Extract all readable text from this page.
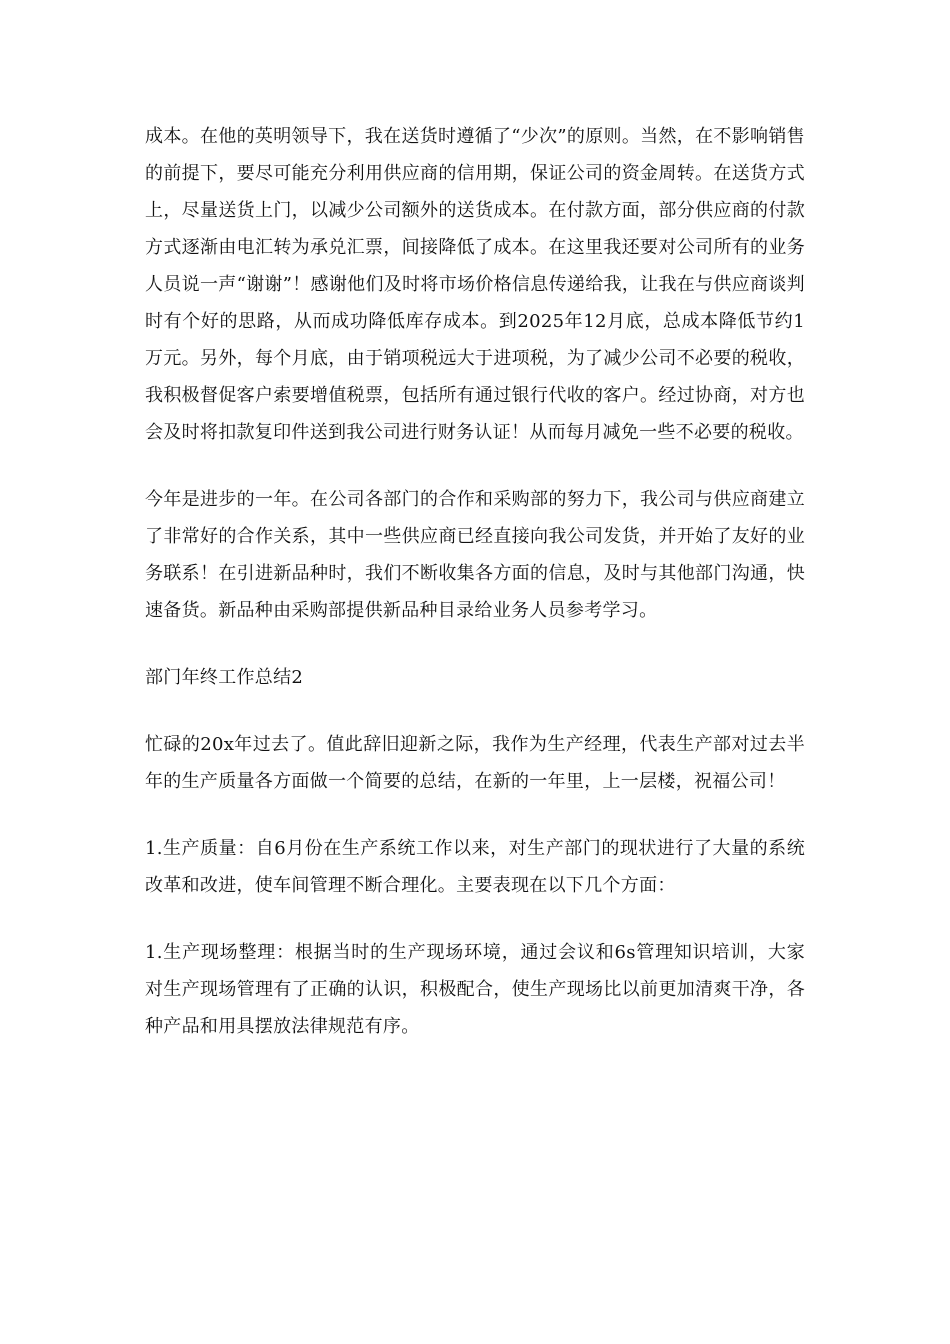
成本。在他的英明领导下，我在送货时遵循了“少次”的原则。当然，在不影响销售的前提下，要尽可能充分利用供应商的信用期，保证公司的资金周转。在送货方式上，尽量送货上门，以减少公司额外的送货成本。在付款方面，部分供应商的付款方式逐渐由电汇转为承兑汇票，间接降低了成本。在这里我还要对公司所有的业务人员说一声“谢谢”！感谢他们及时将市场价格信息传递给我，让我在与供应商谈判时有个好的思路，从而成功降低库存成本。到2025年12月底，总成本降低节约1万元。另外，每个月底，由于销项税远大于进项税，为了减少公司不必要的税收，我积极督促客户索要增值税票，包括所有通过银行代收的客户。经过协商，对方也会及时将扣款复印件送到我公司进行财务认证！从而每月减免一些不必要的税收。

今年是进步的一年。在公司各部门的合作和采购部的努力下，我公司与供应商建立了非常好的合作关系，其中一些供应商已经直接向我公司发货，并开始了友好的业务联系！在引进新品种时，我们不断收集各方面的信息，及时与其他部门沟通，快速备货。新品种由采购部提供新品种目录给业务人员参考学习。

部门年终工作总结2

忙碌的20x年过去了。值此辞旧迎新之际，我作为生产经理，代表生产部对过去半年的生产质量各方面做一个简要的总结，在新的一年里，上一层楼，祝福公司！

1.生产质量：自6月份在生产系统工作以来，对生产部门的现状进行了大量的系统改革和改进，使车间管理不断合理化。主要表现在以下几个方面：

1.生产现场整理：根据当时的生产现场环境，通过会议和6s管理知识培训，大家对生产现场管理有了正确的认识，积极配合，使生产现场比以前更加清爽干净，各种产品和用具摆放法律规范有序。
